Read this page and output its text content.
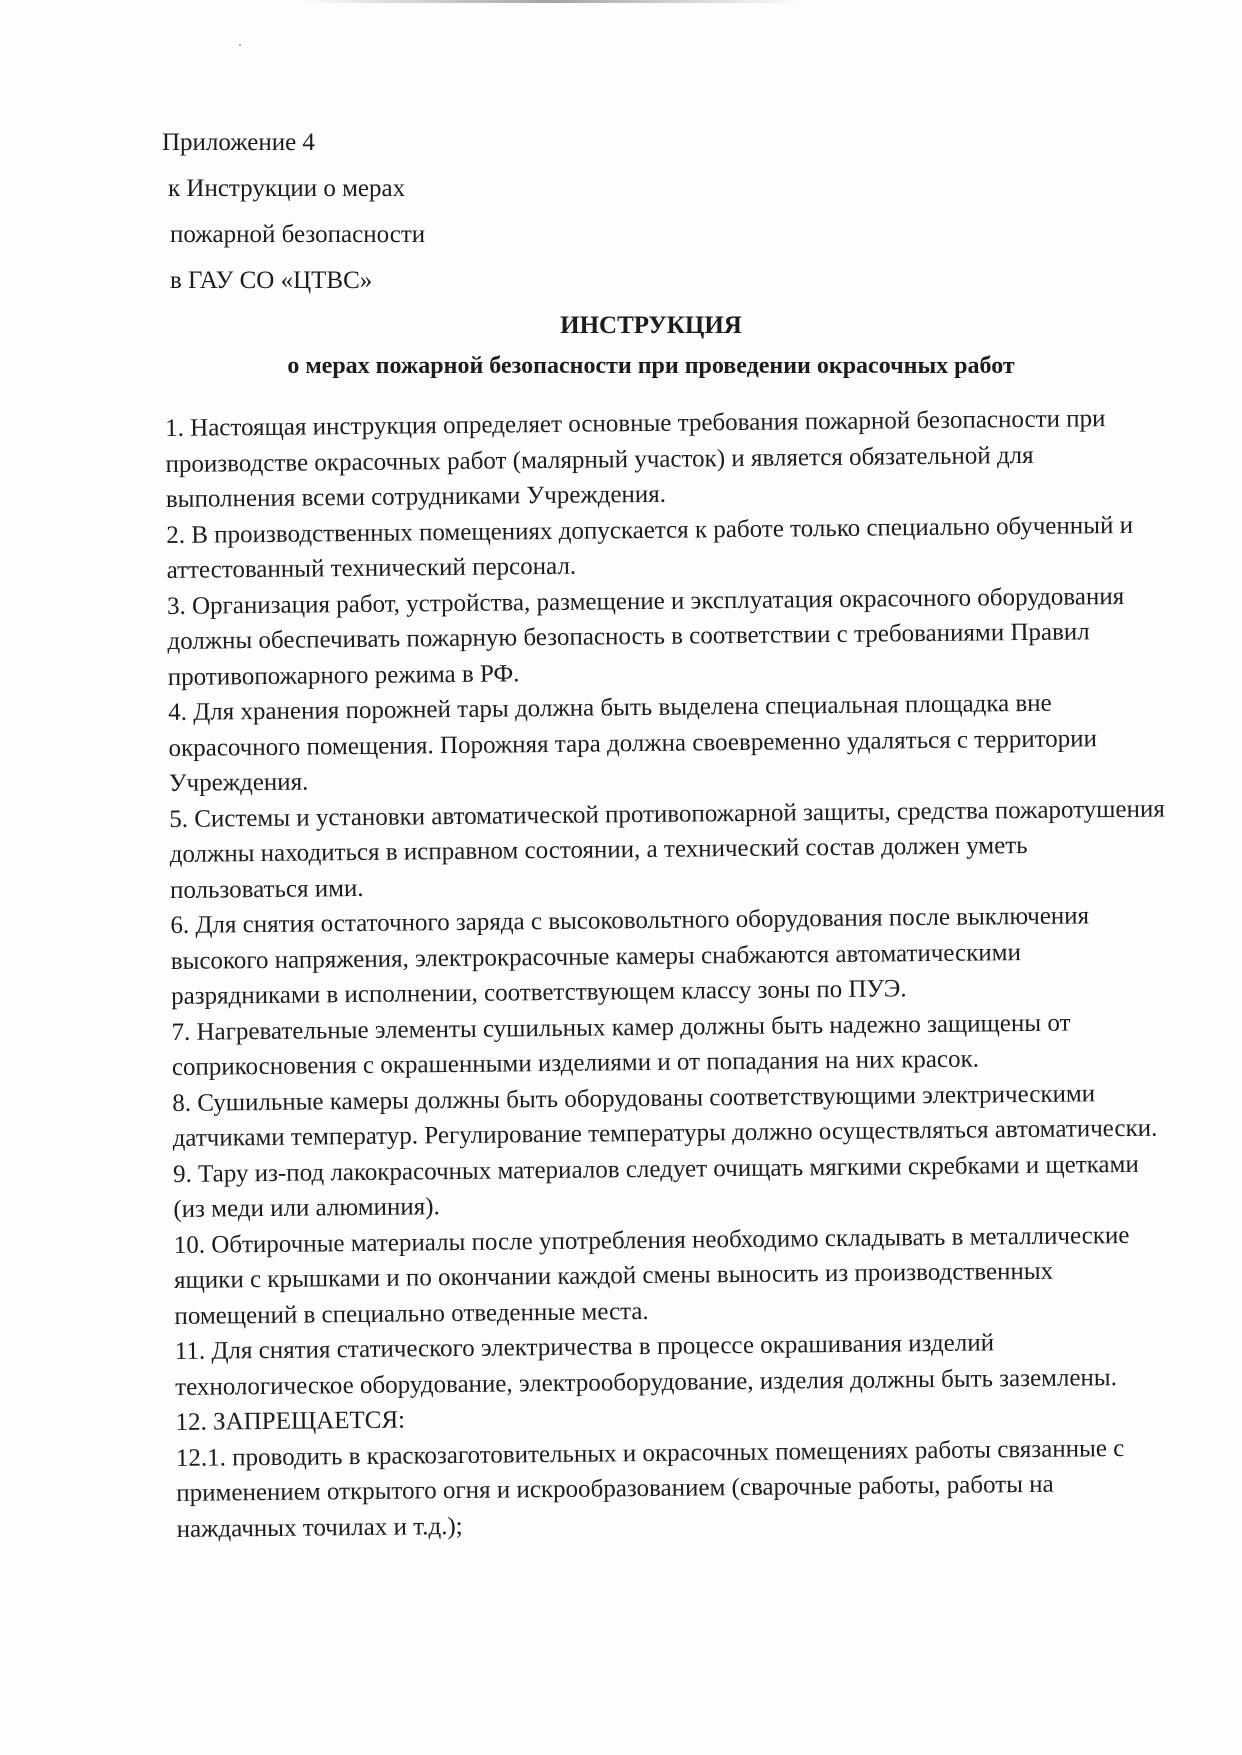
Приложение 4
к Инструкции о мерах
пожарной безопасности
в ГАУ СО «ЦТВС»
ИНСТРУКЦИЯ
о мерах пожарной безопасности при проведении окрасочных работ

1. Настоящая инструкция определяет основные требования пожарной безопасности при производстве окрасочных работ (малярный участок) и является обязательной для выполнения всеми сотрудниками Учреждения.

2. В производственных помещениях допускается к работе только специально обученный и аттестованный технический персонал.

3. Организация работ, устройства, размещение и эксплуатация окрасочного оборудования должны обеспечивать пожарную безопасность в соответствии с требованиями Правил противопожарного режима в РФ.

4. Для хранения порожней тары должна быть выделена специальная площадка вне окрасочного помещения. Порожняя тара должна своевременно удаляться с территории Учреждения.

5. Системы и установки автоматической противопожарной защиты, средства пожаротушения должны находиться в исправном состоянии, а технический состав должен уметь пользоваться ими.

6. Для снятия остаточного заряда с высоковольтного оборудования после выключения высокого напряжения, электрокрасочные камеры снабжаются автоматическими разрядниками в исполнении, соответствующем классу зоны по ПУЭ.

7. Нагревательные элементы сушильных камер должны быть надежно защищены от соприкосновения с окрашенными изделиями и от попадания на них красок.

8. Сушильные камеры должны быть оборудованы соответствующими электрическими датчиками температур. Регулирование температуры должно осуществляться автоматически.

9. Тару из-под лакокрасочных материалов следует очищать мягкими скребками и щетками (из меди или алюминия).

10. Обтирочные материалы после употребления необходимо складывать в металлические ящики с крышками и по окончании каждой смены выносить из производственных помещений в специально отведенные места.

11. Для снятия статического электричества в процессе окрашивания изделий технологическое оборудование, электрооборудование, изделия должны быть заземлены.

12. ЗАПРЕЩАЕТСЯ:

12.1. проводить в краскозаготовительных и окрасочных помещениях работы связанные с применением открытого огня и искрообразованием (сварочные работы, работы на наждачных точилах и т.д.);
